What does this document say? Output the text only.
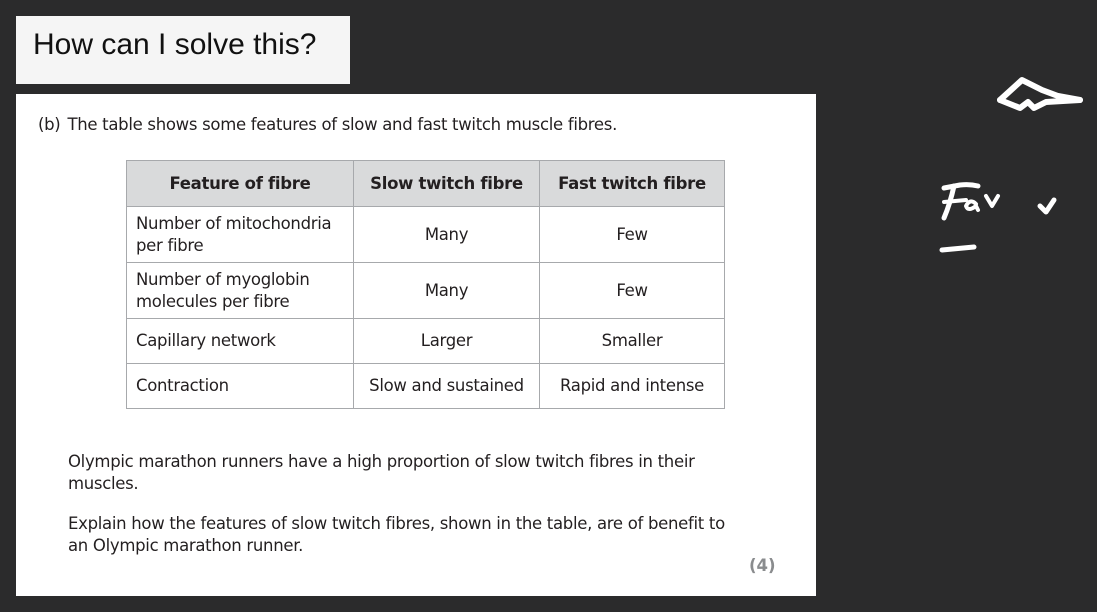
How can I solve this?
(b) The table shows some features of slow and fast twitch muscle fibres.
Feature of fibre	Slow twitch fibre	Fast twitch fibre
Number of mitochondria per fibre	Many	Few
Number of myoglobin molecules per fibre	Many	Few
Capillary network	Larger	Smaller
Contraction	Slow and sustained	Rapid and intense
Olympic marathon runners have a high proportion of slow twitch fibres in their muscles.
Explain how the features of slow twitch fibres, shown in the table, are of benefit to an Olympic marathon runner.
(4)
